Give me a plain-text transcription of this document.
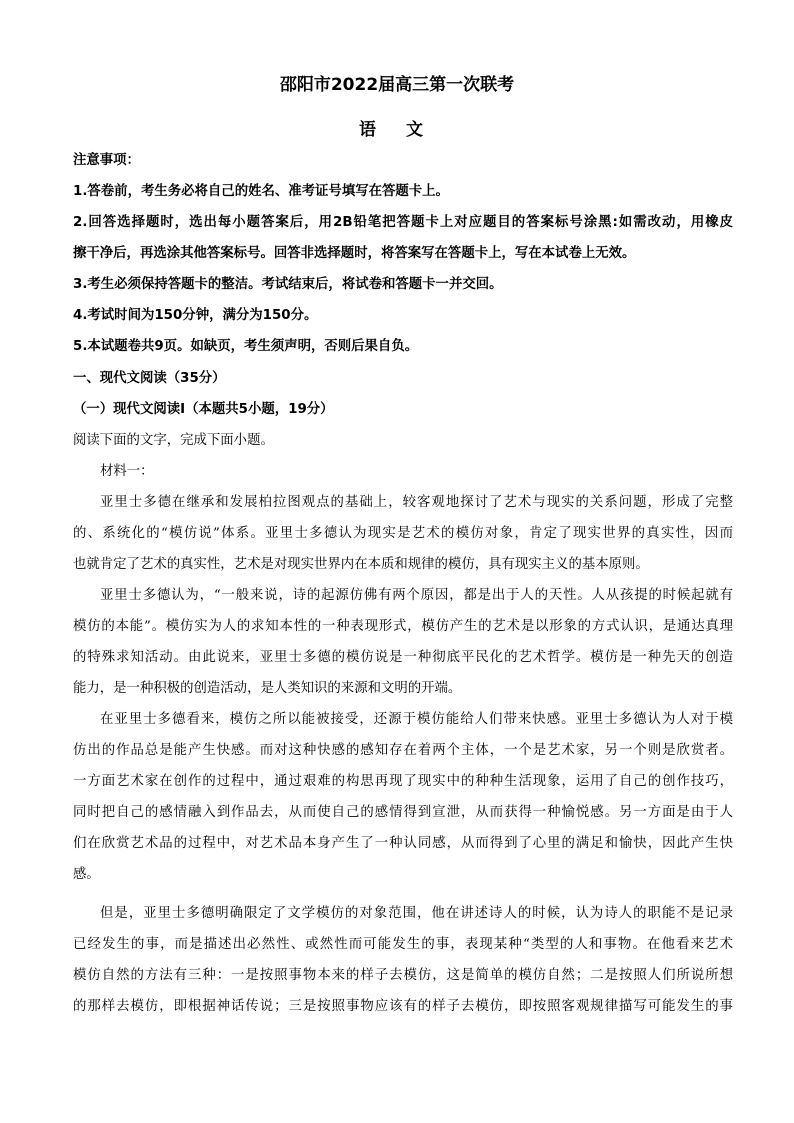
邵阳市2022届高三第一次联考
语 文
注意事项：
1.答卷前，考生务必将自己的姓名、准考证号填写在答题卡上。
2.回答选择题时，选出每小题答案后，用2B铅笔把答题卡上对应题目的答案标号涂黑:如需改动，用橡皮
擦干净后，再选涂其他答案标号。回答非选择题时，将答案写在答题卡上，写在本试卷上无效。
3.考生必须保持答题卡的整洁。考试结束后，将试卷和答题卡一并交回。
4.考试时间为150分钟，满分为150分。
5.本试题卷共9页。如缺页，考生须声明，否则后果自负。
一、现代文阅读（35分）
（一）现代文阅读Ⅰ（本题共5小题，19分）
阅读下面的文字，完成下面小题。
材料一：
亚里士多德在继承和发展柏拉图观点的基础上，较客观地探讨了艺术与现实的关系问题，形成了完整
的、系统化的“模仿说”体系。亚里士多德认为现实是艺术的模仿对象，肯定了现实世界的真实性，因而
也就肯定了艺术的真实性，艺术是对现实世界内在本质和规律的模仿，具有现实主义的基本原则。
亚里士多德认为，“一般来说，诗的起源仿佛有两个原因，都是出于人的天性。人从孩提的时候起就有
模仿的本能”。模仿实为人的求知本性的一种表现形式，模仿产生的艺术是以形象的方式认识，是通达真理
的特殊求知活动。由此说来，亚里士多德的模仿说是一种彻底平民化的艺术哲学。模仿是一种先天的创造
能力，是一种积极的创造活动，是人类知识的来源和文明的开端。
在亚里士多德看来，模仿之所以能被接受，还源于模仿能给人们带来快感。亚里士多德认为人对于模
仿出的作品总是能产生快感。而对这种快感的感知存在着两个主体，一个是艺术家，另一个则是欣赏者。
一方面艺术家在创作的过程中，通过艰难的构思再现了现实中的种种生活现象，运用了自己的创作技巧，
同时把自己的感情融入到作品去，从而使自己的感情得到宣泄，从而获得一种愉悦感。另一方面是由于人
们在欣赏艺术品的过程中，对艺术品本身产生了一种认同感，从而得到了心里的满足和愉快，因此产生快
感。
但是，亚里士多德明确限定了文学模仿的对象范围，他在讲述诗人的时候，认为诗人的职能不是记录
已经发生的事，而是描述出必然性、或然性而可能发生的事，表现某种“类型的人和事物。在他看来艺术
模仿自然的方法有三种：一是按照事物本来的样子去模仿，这是简单的模仿自然；二是按照人们所说所想
的那样去模仿，即根据神话传说；三是按照事物应该有的样子去模仿，即按照客观规律描写可能发生的事
